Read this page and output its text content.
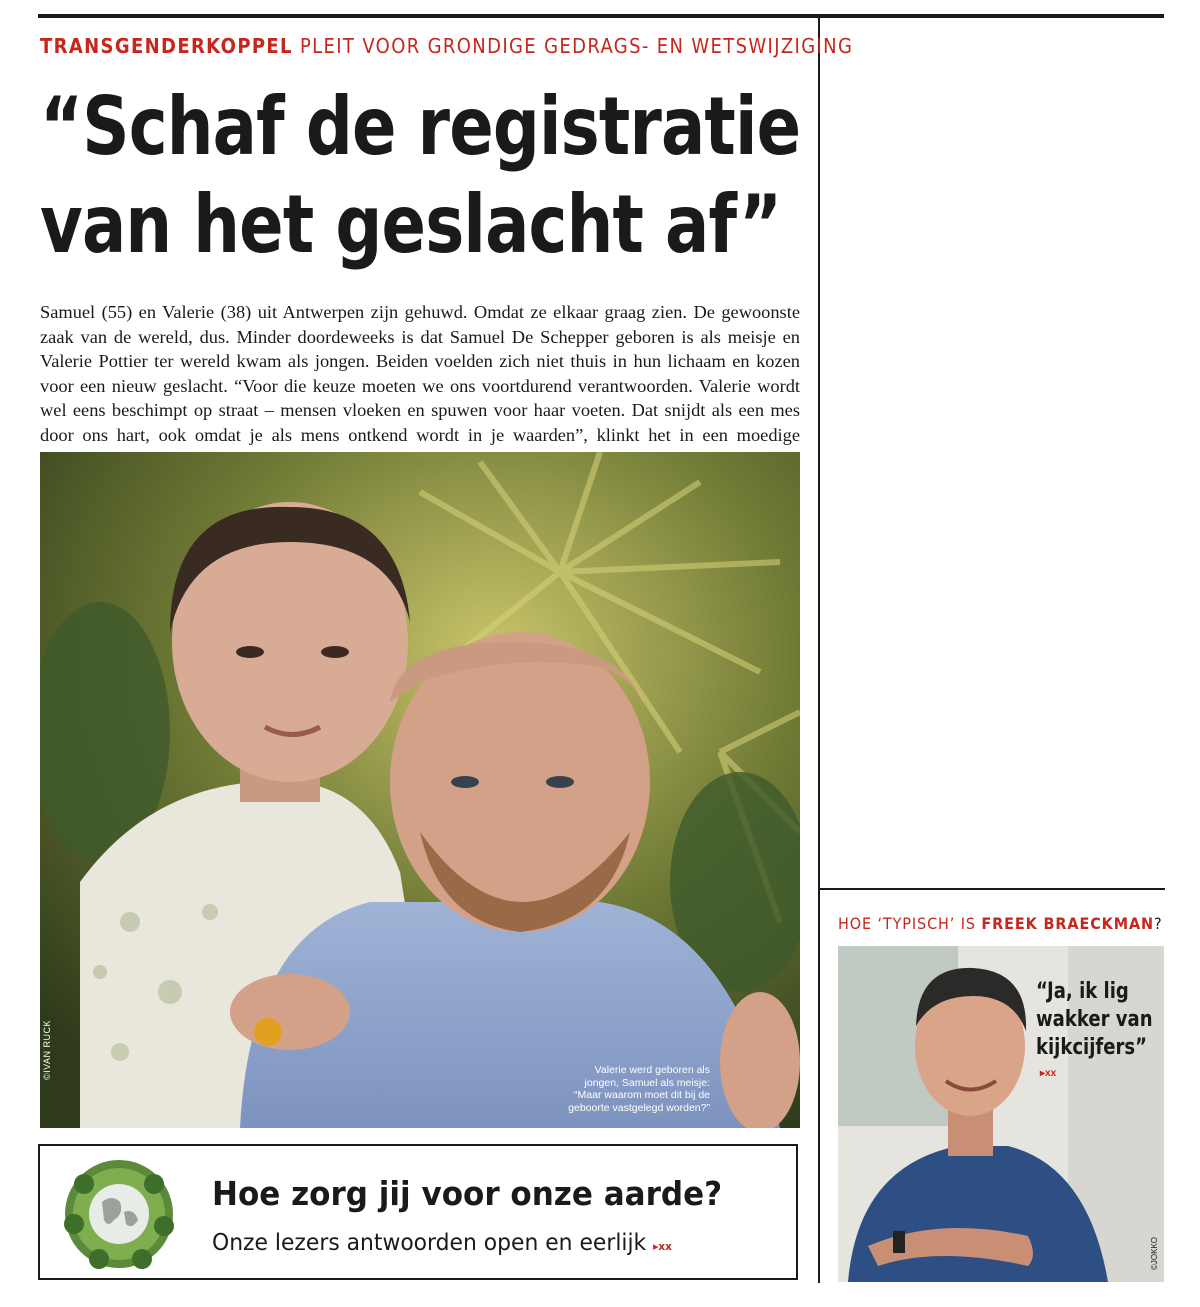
TRANSGENDERKOPPEL PLEIT VOOR GRONDIGE GEDRAGS- EN WETSWIJZIGING
“Schaf de registratie
van het geslacht af”
Samuel (55) en Valerie (38) uit Antwerpen zijn gehuwd. Omdat ze elkaar graag zien. De gewoonste zaak van de wereld, dus. Minder doordeweeks is dat Samuel De Schepper geboren is als meisje en Valerie Pottier ter wereld kwam als jongen. Beiden voelden zich niet thuis in hun lichaam en kozen voor een nieuw geslacht. “Voor die keuze moeten we ons voortdurend verantwoorden. Valerie wordt wel eens beschimpt op straat – mensen vloeken en spuwen voor haar voeten. Dat snijdt als een mes door ons hart, ook omdat je als mens ontkend wordt in je waarden”, klinkt het in een moedige
©IVAN RUCK	Valerie werd geboren als jongen, Samuel als meisje: “Maar waarom moet dit bij de geboorte vastgelegd worden?”
Hoe zorg jij voor onze aarde?
Onze lezers antwoorden open en eerlijk ▸xx
HOE ‘TYPISCH’ IS FREEK BRAECKMAN?
“Ja, ik lig
wakker van
kijkcijfers”
▸xx
©JOKKO
